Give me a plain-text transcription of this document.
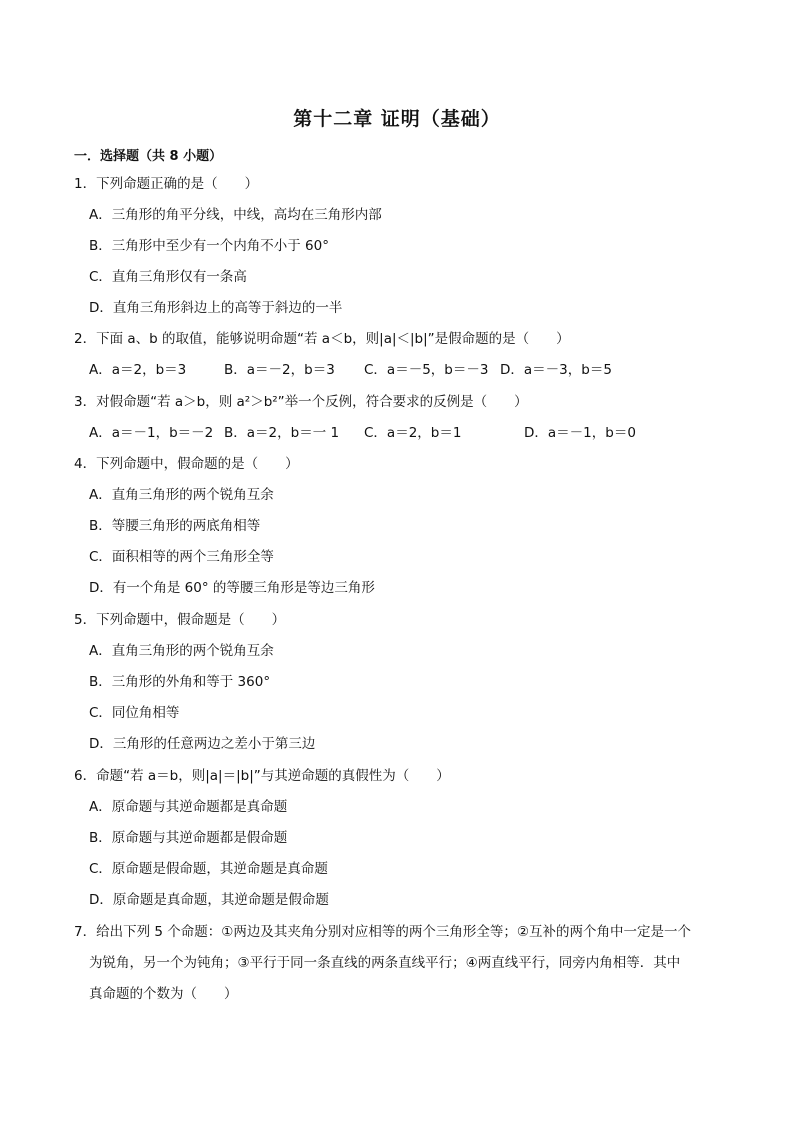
第十二章 证明（基础）
一．选择题（共 8 小题）
1．下列命题正确的是（　　）
A．三角形的角平分线，中线，高均在三角形内部
B．三角形中至少有一个内角不小于 60°
C．直角三角形仅有一条高
D．直角三角形斜边上的高等于斜边的一半
2．下面 a、b 的取值，能够说明命题“若 a＜b，则|a|＜|b|”是假命题的是（　　）
A．a＝2，b＝3	B．a＝－2，b＝3 C．a＝－5，b＝－3 D．a＝－3，b＝5
3．对假命题“若 a＞b，则 a²＞b²”举一个反例，符合要求的反例是（　　）
A．a＝－1，b＝－2 B．a＝2，b＝一 1 C．a＝2，b＝1	D．a＝－1，b＝0
4．下列命题中，假命题的是（　　）
A．直角三角形的两个锐角互余
B．等腰三角形的两底角相等
C．面积相等的两个三角形全等
D．有一个角是 60° 的等腰三角形是等边三角形
5．下列命题中，假命题是（　　）
A．直角三角形的两个锐角互余
B．三角形的外角和等于 360°
C．同位角相等
D．三角形的任意两边之差小于第三边
6．命题“若 a＝b，则|a|＝|b|”与其逆命题的真假性为（　　）
A．原命题与其逆命题都是真命题
B．原命题与其逆命题都是假命题
C．原命题是假命题，其逆命题是真命题
D．原命题是真命题，其逆命题是假命题
7．给出下列 5 个命题：①两边及其夹角分别对应相等的两个三角形全等；②互补的两个角中一定是一个
为锐角，另一个为钝角；③平行于同一条直线的两条直线平行；④两直线平行，同旁内角相等．其中
真命题的个数为（　　）
